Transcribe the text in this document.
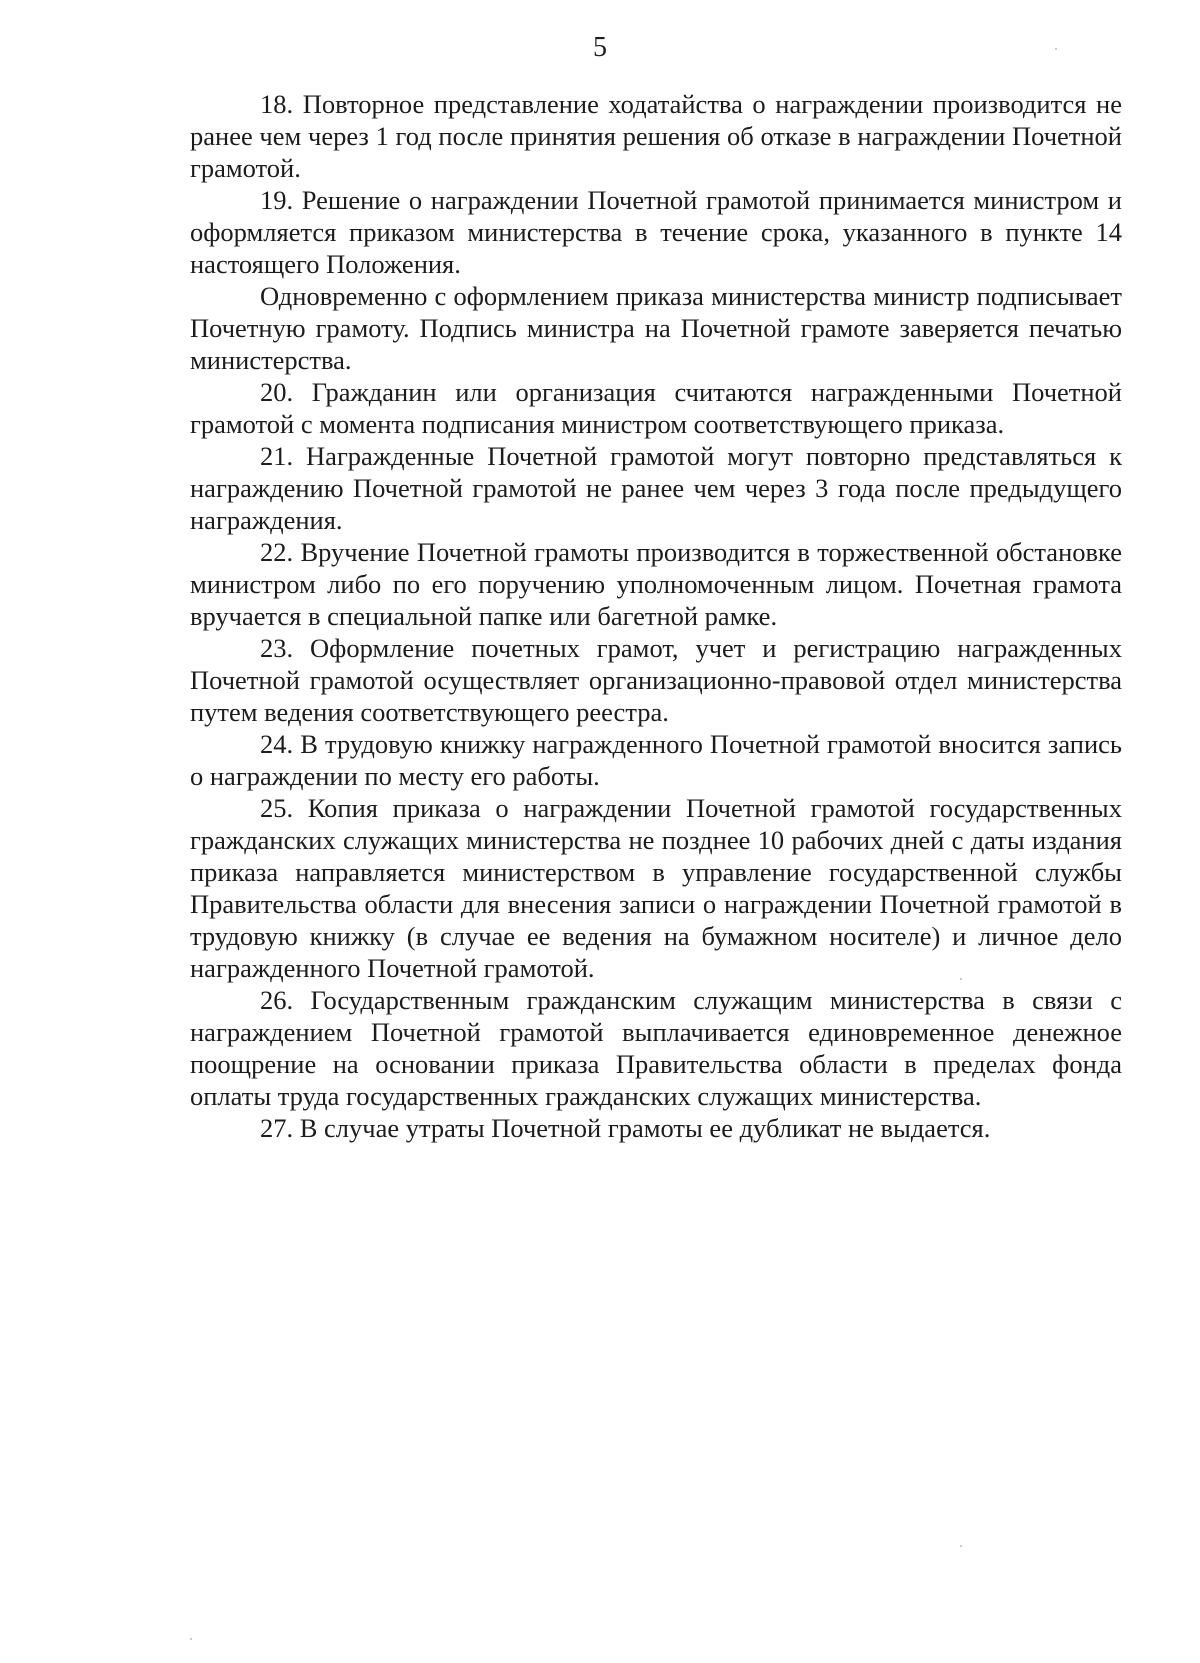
5

18. Повторное представление ходатайства о награждении производится не ранее чем через 1 год после принятия решения об отказе в награждении Почетной грамотой.

19. Решение о награждении Почетной грамотой принимается министром и оформляется приказом министерства в течение срока, указанного в пункте 14 настоящего Положения.

Одновременно с оформлением приказа министерства министр подписывает Почетную грамоту. Подпись министра на Почетной грамоте заверяется печатью министерства.

20. Гражданин или организация считаются награжденными Почетной грамотой с момента подписания министром соответствующего приказа.

21. Награжденные Почетной грамотой могут повторно представляться к награждению Почетной грамотой не ранее чем через 3 года после предыдущего награждения.

22. Вручение Почетной грамоты производится в торжественной обстановке министром либо по его поручению уполномоченным лицом. Почетная грамота вручается в специальной папке или багетной рамке.

23. Оформление почетных грамот, учет и регистрацию награжденных Почетной грамотой осуществляет организационно-правовой отдел министерства путем ведения соответствующего реестра.

24. В трудовую книжку награжденного Почетной грамотой вносится запись о награждении по месту его работы.

25. Копия приказа о награждении Почетной грамотой государственных гражданских служащих министерства не позднее 10 рабочих дней с даты издания приказа направляется министерством в управление государственной службы Правительства области для внесения записи о награждении Почетной грамотой в трудовую книжку (в случае ее ведения на бумажном носителе) и личное дело награжденного Почетной грамотой.

26. Государственным гражданским служащим министерства в связи с награждением Почетной грамотой выплачивается единовременное денежное поощрение на основании приказа Правительства области в пределах фонда оплаты труда государственных гражданских служащих министерства.

27. В случае утраты Почетной грамоты ее дубликат не выдается.
